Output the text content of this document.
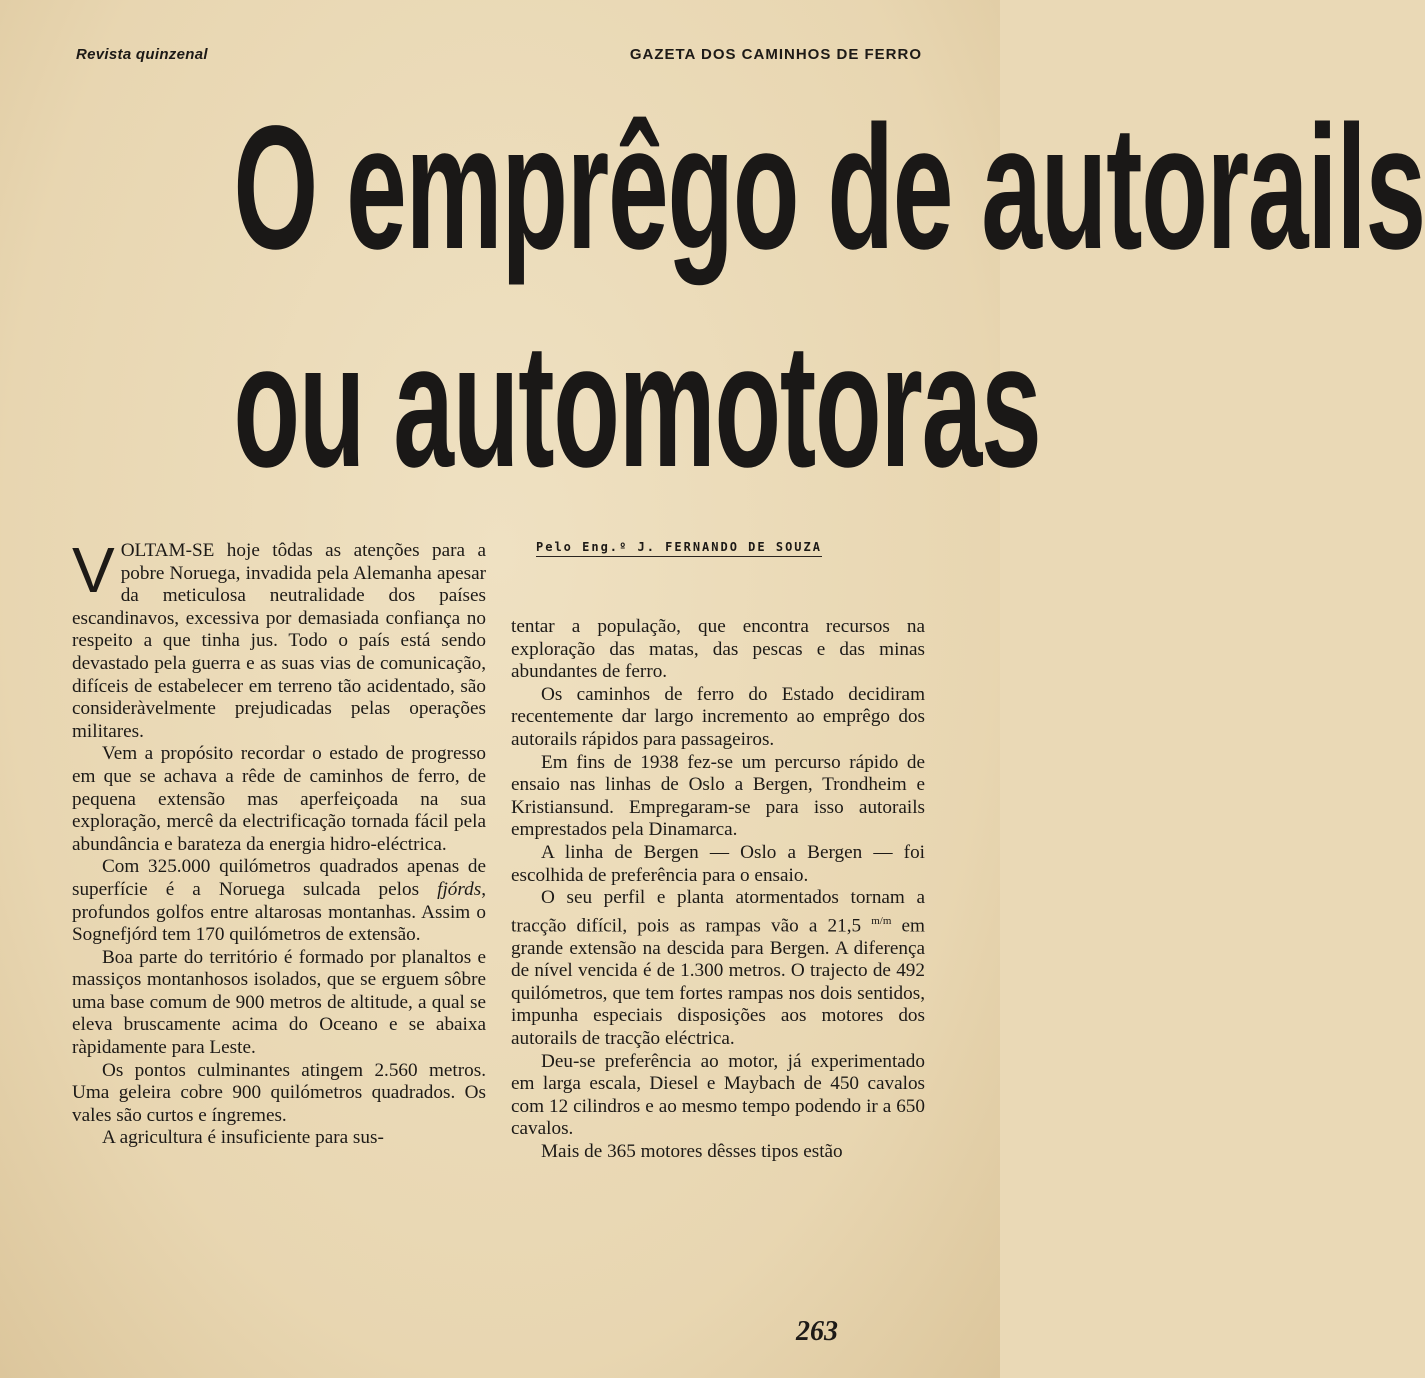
Revista quinzenal	GAZETA DOS CAMINHOS DE FERRO
O emprêgo de autorails
ou automotoras
Pelo Eng.º J. FERNANDO DE SOUZA

VOLTAM-SE hoje tôdas as atenções para a pobre Noruega, invadida pela Alemanha apesar da meticulosa neutralidade dos países escandinavos, excessiva por demasiada confiança no respeito a que tinha jus. Todo o país está sendo devastado pela guerra e as suas vias de comunicação, difíceis de estabelecer em terreno tão acidentado, são consideràvelmente prejudicadas pelas operações militares.

Vem a propósito recordar o estado de progresso em que se achava a rêde de caminhos de ferro, de pequena extensão mas aperfeiçoada na sua exploração, mercê da electrificação tornada fácil pela abundância e barateza da energia hidro-eléctrica.

Com 325.000 quilómetros quadrados apenas de superfície é a Noruega sulcada pelos fjórds, profundos golfos entre altarosas montanhas. Assim o Sognefjórd tem 170 quilómetros de extensão.

Boa parte do território é formado por planaltos e massiços montanhosos isolados, que se erguem sôbre uma base comum de 900 metros de altitude, a qual se eleva bruscamente acima do Oceano e se abaixa ràpidamente para Leste.

Os pontos culminantes atingem 2.560 metros. Uma geleira cobre 900 quilómetros quadrados. Os vales são curtos e íngremes.

A agricultura é insuficiente para sus-

tentar a população, que encontra recursos na exploração das matas, das pescas e das minas abundantes de ferro.

Os caminhos de ferro do Estado decidiram recentemente dar largo incremento ao emprêgo dos autorails rápidos para passageiros.

Em fins de 1938 fez-se um percurso rápido de ensaio nas linhas de Oslo a Bergen, Trondheim e Kristiansund. Empregaram-se para isso autorails emprestados pela Dinamarca.

A linha de Bergen — Oslo a Bergen — foi escolhida de preferência para o ensaio.

O seu perfil e planta atormentados tornam a tracção difícil, pois as rampas vão a 21,5 $^{m/m}$ em grande extensão na descida para Bergen. A diferença de nível vencida é de 1.300 metros. O trajecto de 492 quilómetros, que tem fortes rampas nos dois sentidos, impunha especiais disposições aos motores dos autorails de tracção eléctrica.

Deu-se preferência ao motor, já experimentado em larga escala, Diesel e Maybach de 450 cavalos com 12 cilindros e ao mesmo tempo podendo ir a 650 cavalos.

Mais de 365 motores dêsses tipos estão

263
